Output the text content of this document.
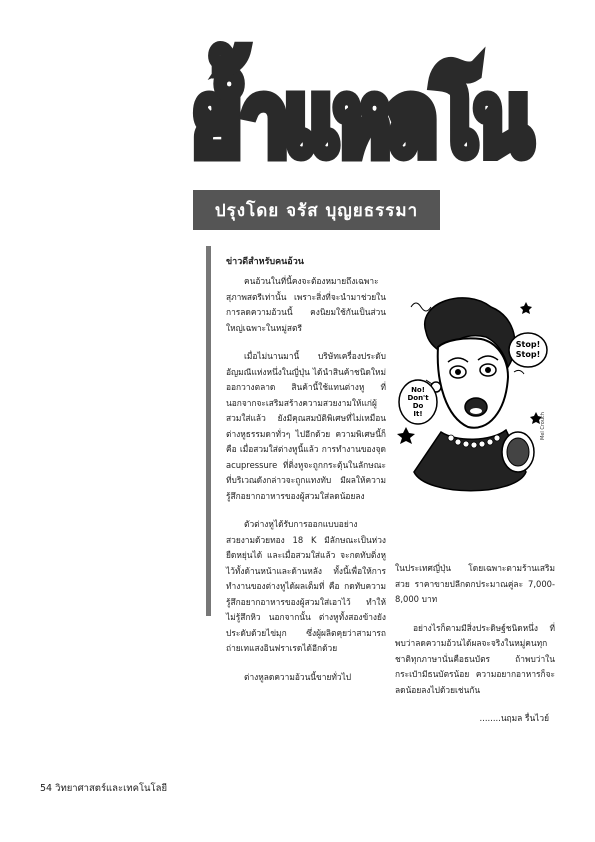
ย้ำแหลโน
ปรุงโดย จรัส บุญยธรรมา
ข่าวดีสำหรับคนอ้วน

คนอ้วนในที่นี้คงจะต้องหมายถึงเฉพาะสุภาพสตรีเท่านั้น เพราะสิ่งที่จะนำมาช่วยในการลดความอ้วนนี้ คงนิยมใช้กันเป็นส่วนใหญ่เฉพาะในหมู่สตรี

เมื่อไม่นานมานี้ บริษัทเครื่องประดับอัญมณีแห่งหนึ่งในญี่ปุ่น ได้นำสินค้าชนิดใหม่ออกวางตลาด สินค้านี้ใช้แทนต่างหู ที่นอกจากจะเสริมสร้างความสวยงามให้แก่ผู้สวมใส่แล้ว ยังมีคุณสมบัติพิเศษที่ไม่เหมือนต่างหูธรรมดาทั่วๆ ไปอีกด้วย ความพิเศษนี้ก็คือ เมื่อสวมใส่ต่างหูนี้แล้ว การทำงานของจุด acupressure ที่ติ่งหูจะถูกกระตุ้นในลักษณะที่บริเวณดังกล่าวจะถูกแทงทับ มีผลให้ความรู้สึกอยากอาหารของผู้สวมใส่ลดน้อยลง

ตัวต่างหูได้รับการออกแบบอย่างสวยงามด้วยทอง 18 K มีลักษณะเป็นห่วง ยืดหยุ่นได้ และเมื่อสวมใส่แล้ว จะกดทับติ่งหูไว้ทั้งด้านหน้าและด้านหลัง ทั้งนี้เพื่อให้การทำงานของต่างหูได้ผลเต็มที่ คือ กดทับความรู้สึกอยากอาหารของผู้สวมใส่เอาไว้ ทำให้ไม่รู้สึกหิว นอกจากนั้น ต่างหูทั้งสองข้างยังประดับด้วยไข่มุก ซึ่งผู้ผลิตคุยว่าสามารถถ่ายเทแสงอินฟราเรดได้อีกด้วย

ต่างหูลดความอ้วนนี้ขายทั่วไป

Stop!
Stop!
No!
Don't
Do
It!	Mel Crouch

ในประเทศญี่ปุ่น โดยเฉพาะตามร้านเสริมสวย ราคาขายปลีกตกประมาณคู่ละ 7,000-8,000 บาท

อย่างไรก็ตามมีสิ่งประดิษฐ์ชนิดหนึ่ง ที่พบว่าลดความอ้วนได้ผลจะจริงในหมู่คนทุกชาติทุกภาษานั่นคือธนบัตร ถ้าพบว่าในกระเป๋ามีธนบัตรน้อย ความอยากอาหารก็จะลดน้อยลงไปด้วยเช่นกัน

........นฤมล รื่นไวย์
54 วิทยาศาสตร์และเทคโนโลยี
